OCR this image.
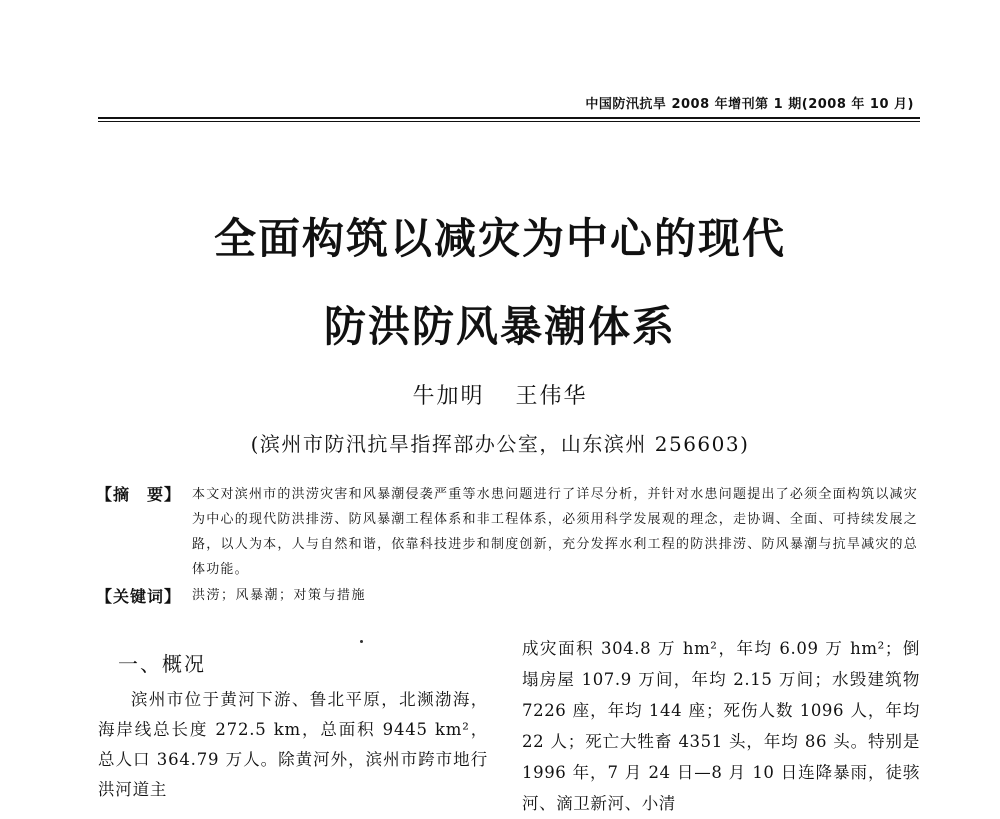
中国防汛抗旱 2008 年增刊第 1 期(2008 年 10 月)
全面构筑以减灾为中心的现代
防洪防风暴潮体系
牛加明 王伟华
(滨州市防汛抗旱指挥部办公室，山东滨州 256603)
【摘　要】 本文对滨州市的洪涝灾害和风暴潮侵袭严重等水患问题进行了详尽分析，并针对水患问题提出了必须全面构筑以减灾为中心的现代防洪排涝、防风暴潮工程体系和非工程体系，必须用科学发展观的理念，走协调、全面、可持续发展之路，以人为本，人与自然和谐，依靠科技进步和制度创新，充分发挥水利工程的防洪排涝、防风暴潮与抗旱减灾的总体功能。
【关键词】 洪涝；风暴潮；对策与措施
一、概况

滨州市位于黄河下游、鲁北平原，北濒渤海，海岸线总长度 272.5 km，总面积 9445 km²，总人口 364.79 万人。除黄河外，滨州市跨市地行洪河道主

成灾面积 304.8 万 hm²，年均 6.09 万 hm²；倒塌房屋 107.9 万间，年均 2.15 万间；水毁建筑物 7226 座，年均 144 座；死伤人数 1096 人，年均 22 人；死亡大牲畜 4351 头，年均 86 头。特别是 1996 年，7 月 24 日—8 月 10 日连降暴雨，徒骇河、滴卫新河、小清
